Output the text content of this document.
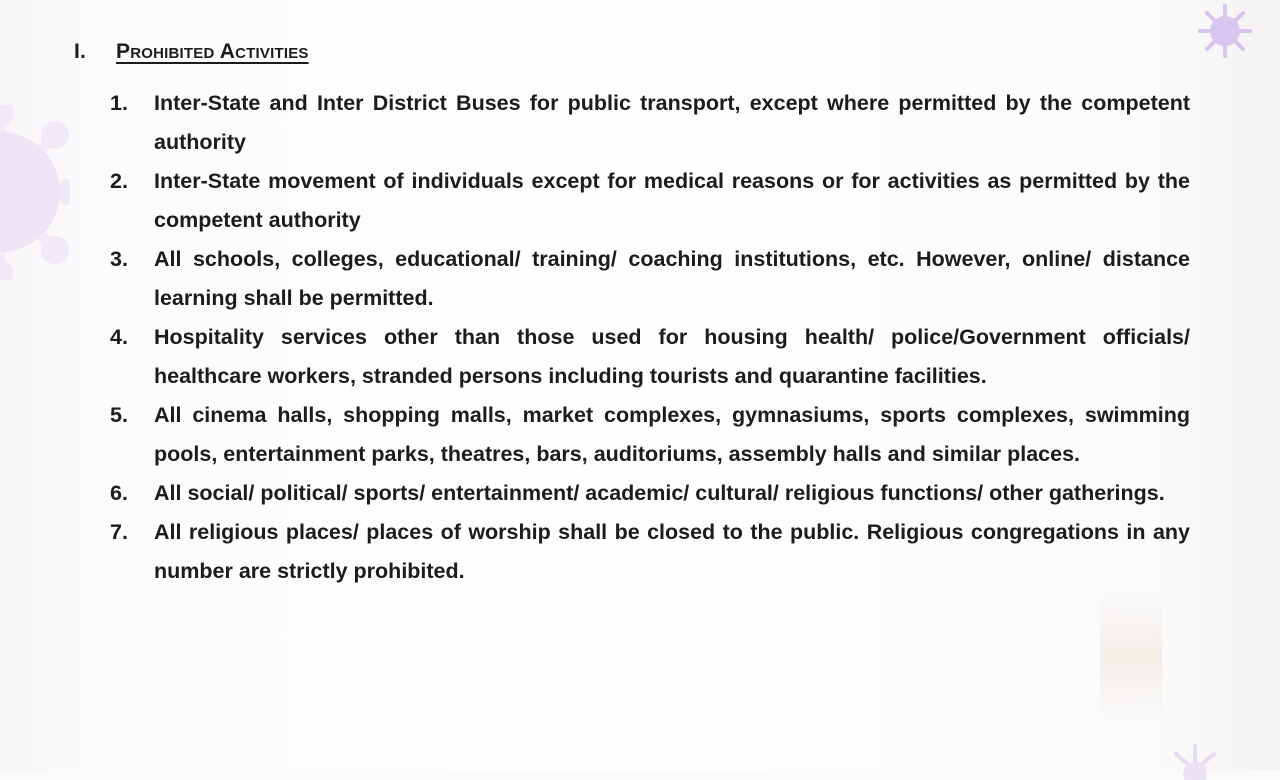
I.	Prohibited Activities
1.	Inter-State and Inter District Buses for public transport, except where permitted by the competent authority
2.	Inter-State movement of individuals except for medical reasons or for activities as permitted by the competent authority
3.	All schools, colleges, educational/ training/ coaching institutions, etc. However, online/ distance learning shall be permitted.
4.	Hospitality services other than those used for housing health/ police/Government officials/ healthcare workers, stranded persons including tourists and quarantine facilities.
5.	All cinema halls, shopping malls, market complexes, gymnasiums, sports complexes, swimming pools, entertainment parks, theatres, bars, auditoriums, assembly halls and similar places.
6.	All social/ political/ sports/ entertainment/ academic/ cultural/ religious functions/ other gatherings.
7.	All religious places/ places of worship shall be closed to the public. Religious congregations in any number are strictly prohibited.
